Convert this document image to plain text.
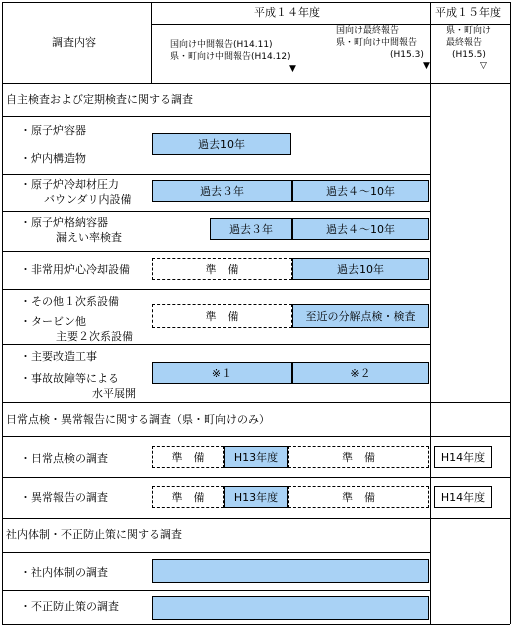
調査内容
平成１４年度	平成１５年度
国向け中間報告(H14.11)
県・町向け中間報告(H14.12)
▼
国向け最終報告
県・町向け中間報告
(H15.3)
▼
県・町向け
最終報告
(H15.5)
▽
自主検査および定期検査に関する調査
・原子炉容器
・炉内構造物
過去10年
・原子炉冷却材圧力
バウンダリ内設備
過去３年	過去４～10年
・原子炉格納容器
漏えい率検査
過去３年	過去４～10年
・非常用炉心冷却設備	準　備	過去10年
・その他１次系設備
・タービン他
主要２次系設備
準　備	至近の分解点検・検査
・主要改造工事
・事故故障等による
水平展開
※１	※２
日常点検・異常報告に関する調査（県・町向けのみ）
・日常点検の調査	準　備	H13年度	準　備	H14年度
・異常報告の調査	準　備	H13年度	準　備	H14年度
社内体制・不正防止策に関する調査
・社内体制の調査
・不正防止策の調査
